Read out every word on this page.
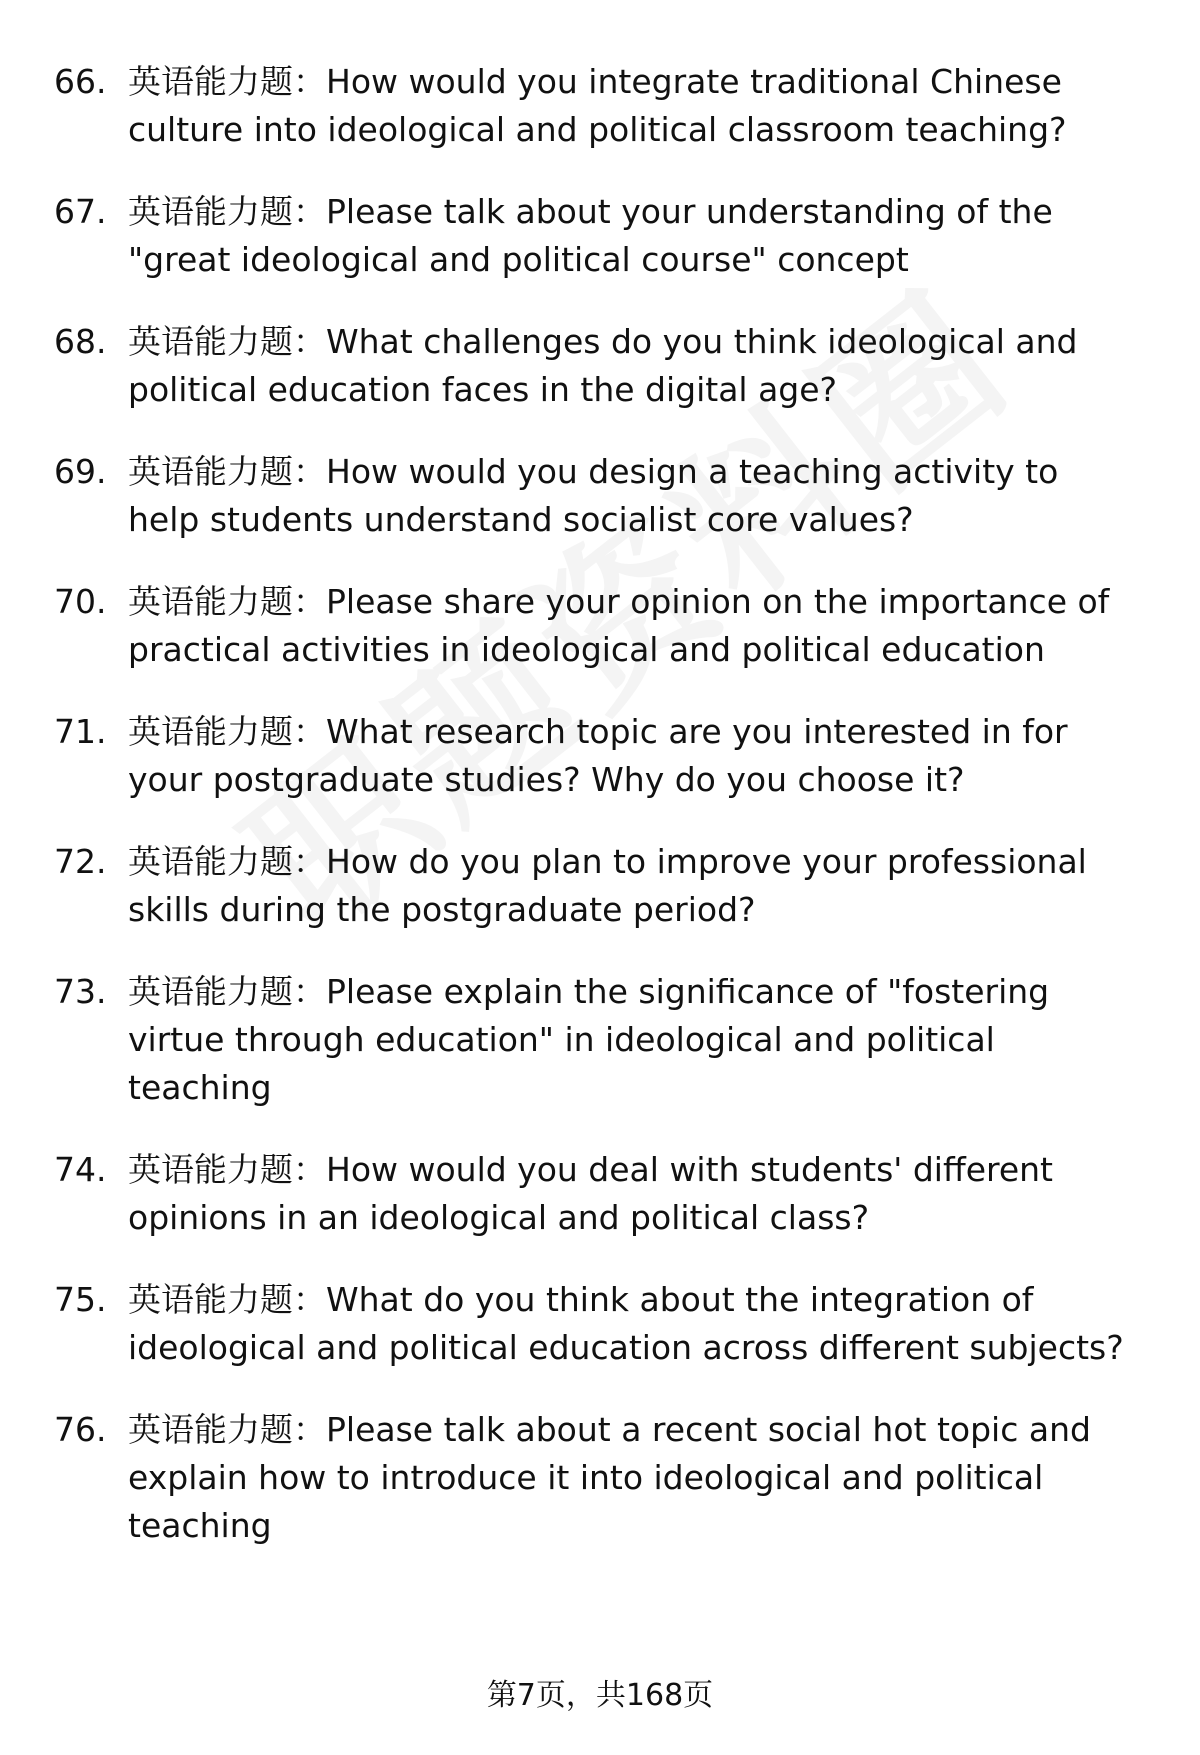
66. 英语能力题：How would you integrate traditional Chinese culture into ideological and political classroom teaching?
67. 英语能力题：Please talk about your understanding of the "great ideological and political course" concept
68. 英语能力题：What challenges do you think ideological and political education faces in the digital age?
69. 英语能力题：How would you design a teaching activity to help students understand socialist core values?
70. 英语能力题：Please share your opinion on the importance of practical activities in ideological and political education
71. 英语能力题：What research topic are you interested in for your postgraduate studies? Why do you choose it?
72. 英语能力题：How do you plan to improve your professional skills during the postgraduate period?
73. 英语能力题：Please explain the significance of "fostering virtue through education" in ideological and political teaching
74. 英语能力题：How would you deal with students' different opinions in an ideological and political class?
75. 英语能力题：What do you think about the integration of ideological and political education across different subjects?
76. 英语能力题：Please talk about a recent social hot topic and explain how to introduce it into ideological and political teaching
第7页，共168页
